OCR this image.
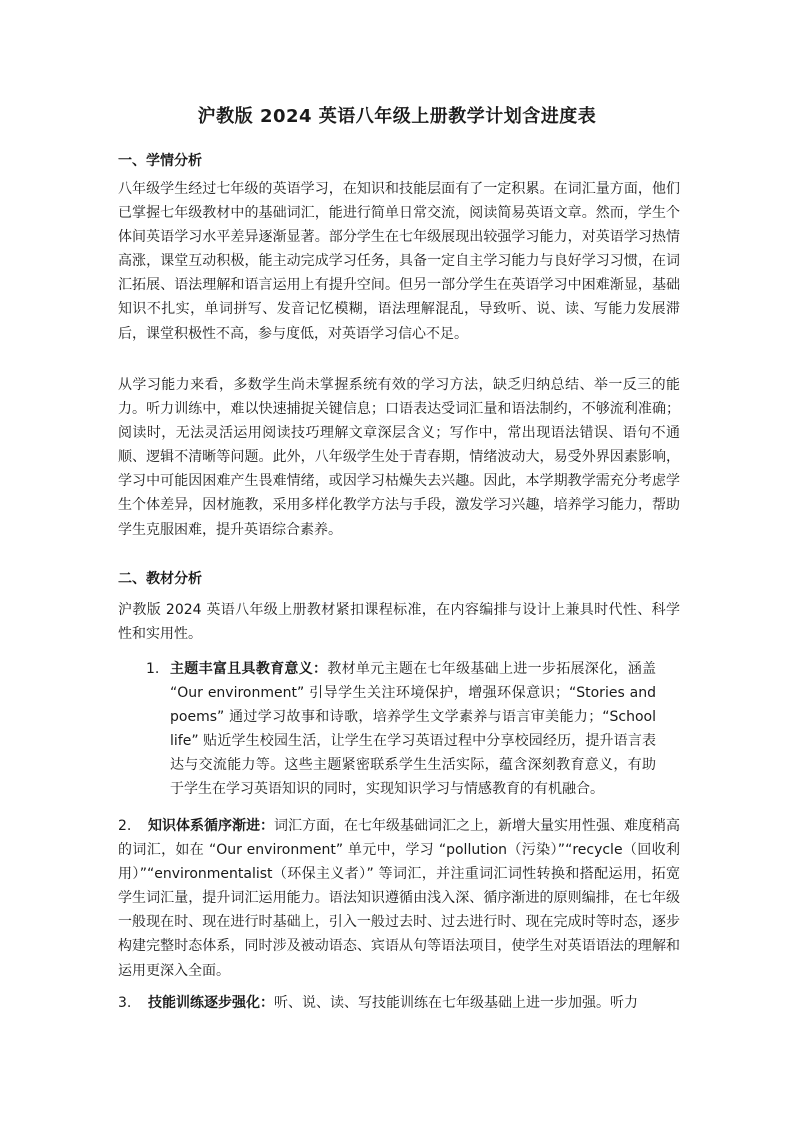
沪教版 2024 英语八年级上册教学计划含进度表
一、学情分析

八年级学生经过七年级的英语学习，在知识和技能层面有了一定积累。在词汇量方面，他们已掌握七年级教材中的基础词汇，能进行简单日常交流，阅读简易英语文章。然而，学生个体间英语学习水平差异逐渐显著。部分学生在七年级展现出较强学习能力，对英语学习热情高涨，课堂互动积极，能主动完成学习任务，具备一定自主学习能力与良好学习习惯，在词汇拓展、语法理解和语言运用上有提升空间。但另一部分学生在英语学习中困难渐显，基础知识不扎实，单词拼写、发音记忆模糊，语法理解混乱，导致听、说、读、写能力发展滞后，课堂积极性不高，参与度低，对英语学习信心不足。

从学习能力来看，多数学生尚未掌握系统有效的学习方法，缺乏归纳总结、举一反三的能力。听力训练中，难以快速捕捉关键信息；口语表达受词汇量和语法制约，不够流利准确；阅读时，无法灵活运用阅读技巧理解文章深层含义；写作中，常出现语法错误、语句不通顺、逻辑不清晰等问题。此外，八年级学生处于青春期，情绪波动大，易受外界因素影响，学习中可能因困难产生畏难情绪，或因学习枯燥失去兴趣。因此，本学期教学需充分考虑学生个体差异，因材施教，采用多样化教学方法与手段，激发学习兴趣，培养学习能力，帮助学生克服困难，提升英语综合素养。

二、教材分析

沪教版 2024 英语八年级上册教材紧扣课程标准，在内容编排与设计上兼具时代性、科学性和实用性。

1. 主题丰富且具教育意义：教材单元主题在七年级基础上进一步拓展深化，涵盖 “Our environment” 引导学生关注环境保护，增强环保意识；“Stories and poems” 通过学习故事和诗歌，培养学生文学素养与语言审美能力；“School life” 贴近学生校园生活，让学生在学习英语过程中分享校园经历，提升语言表达与交流能力等。这些主题紧密联系学生生活实际，蕴含深刻教育意义，有助于学生在学习英语知识的同时，实现知识学习与情感教育的有机融合。
2. 知识体系循序渐进：词汇方面，在七年级基础词汇之上，新增大量实用性强、难度稍高的词汇，如在 “Our environment” 单元中，学习 “pollution（污染）”“recycle（回收利用）”“environmentalist（环保主义者）” 等词汇，并注重词汇词性转换和搭配运用，拓宽学生词汇量，提升词汇运用能力。语法知识遵循由浅入深、循序渐进的原则编排，在七年级一般现在时、现在进行时基础上，引入一般过去时、过去进行时、现在完成时等时态，逐步构建完整时态体系，同时涉及被动语态、宾语从句等语法项目，使学生对英语语法的理解和运用更深入全面。
3. 技能训练逐步强化：听、说、读、写技能训练在七年级基础上进一步加强。听力
